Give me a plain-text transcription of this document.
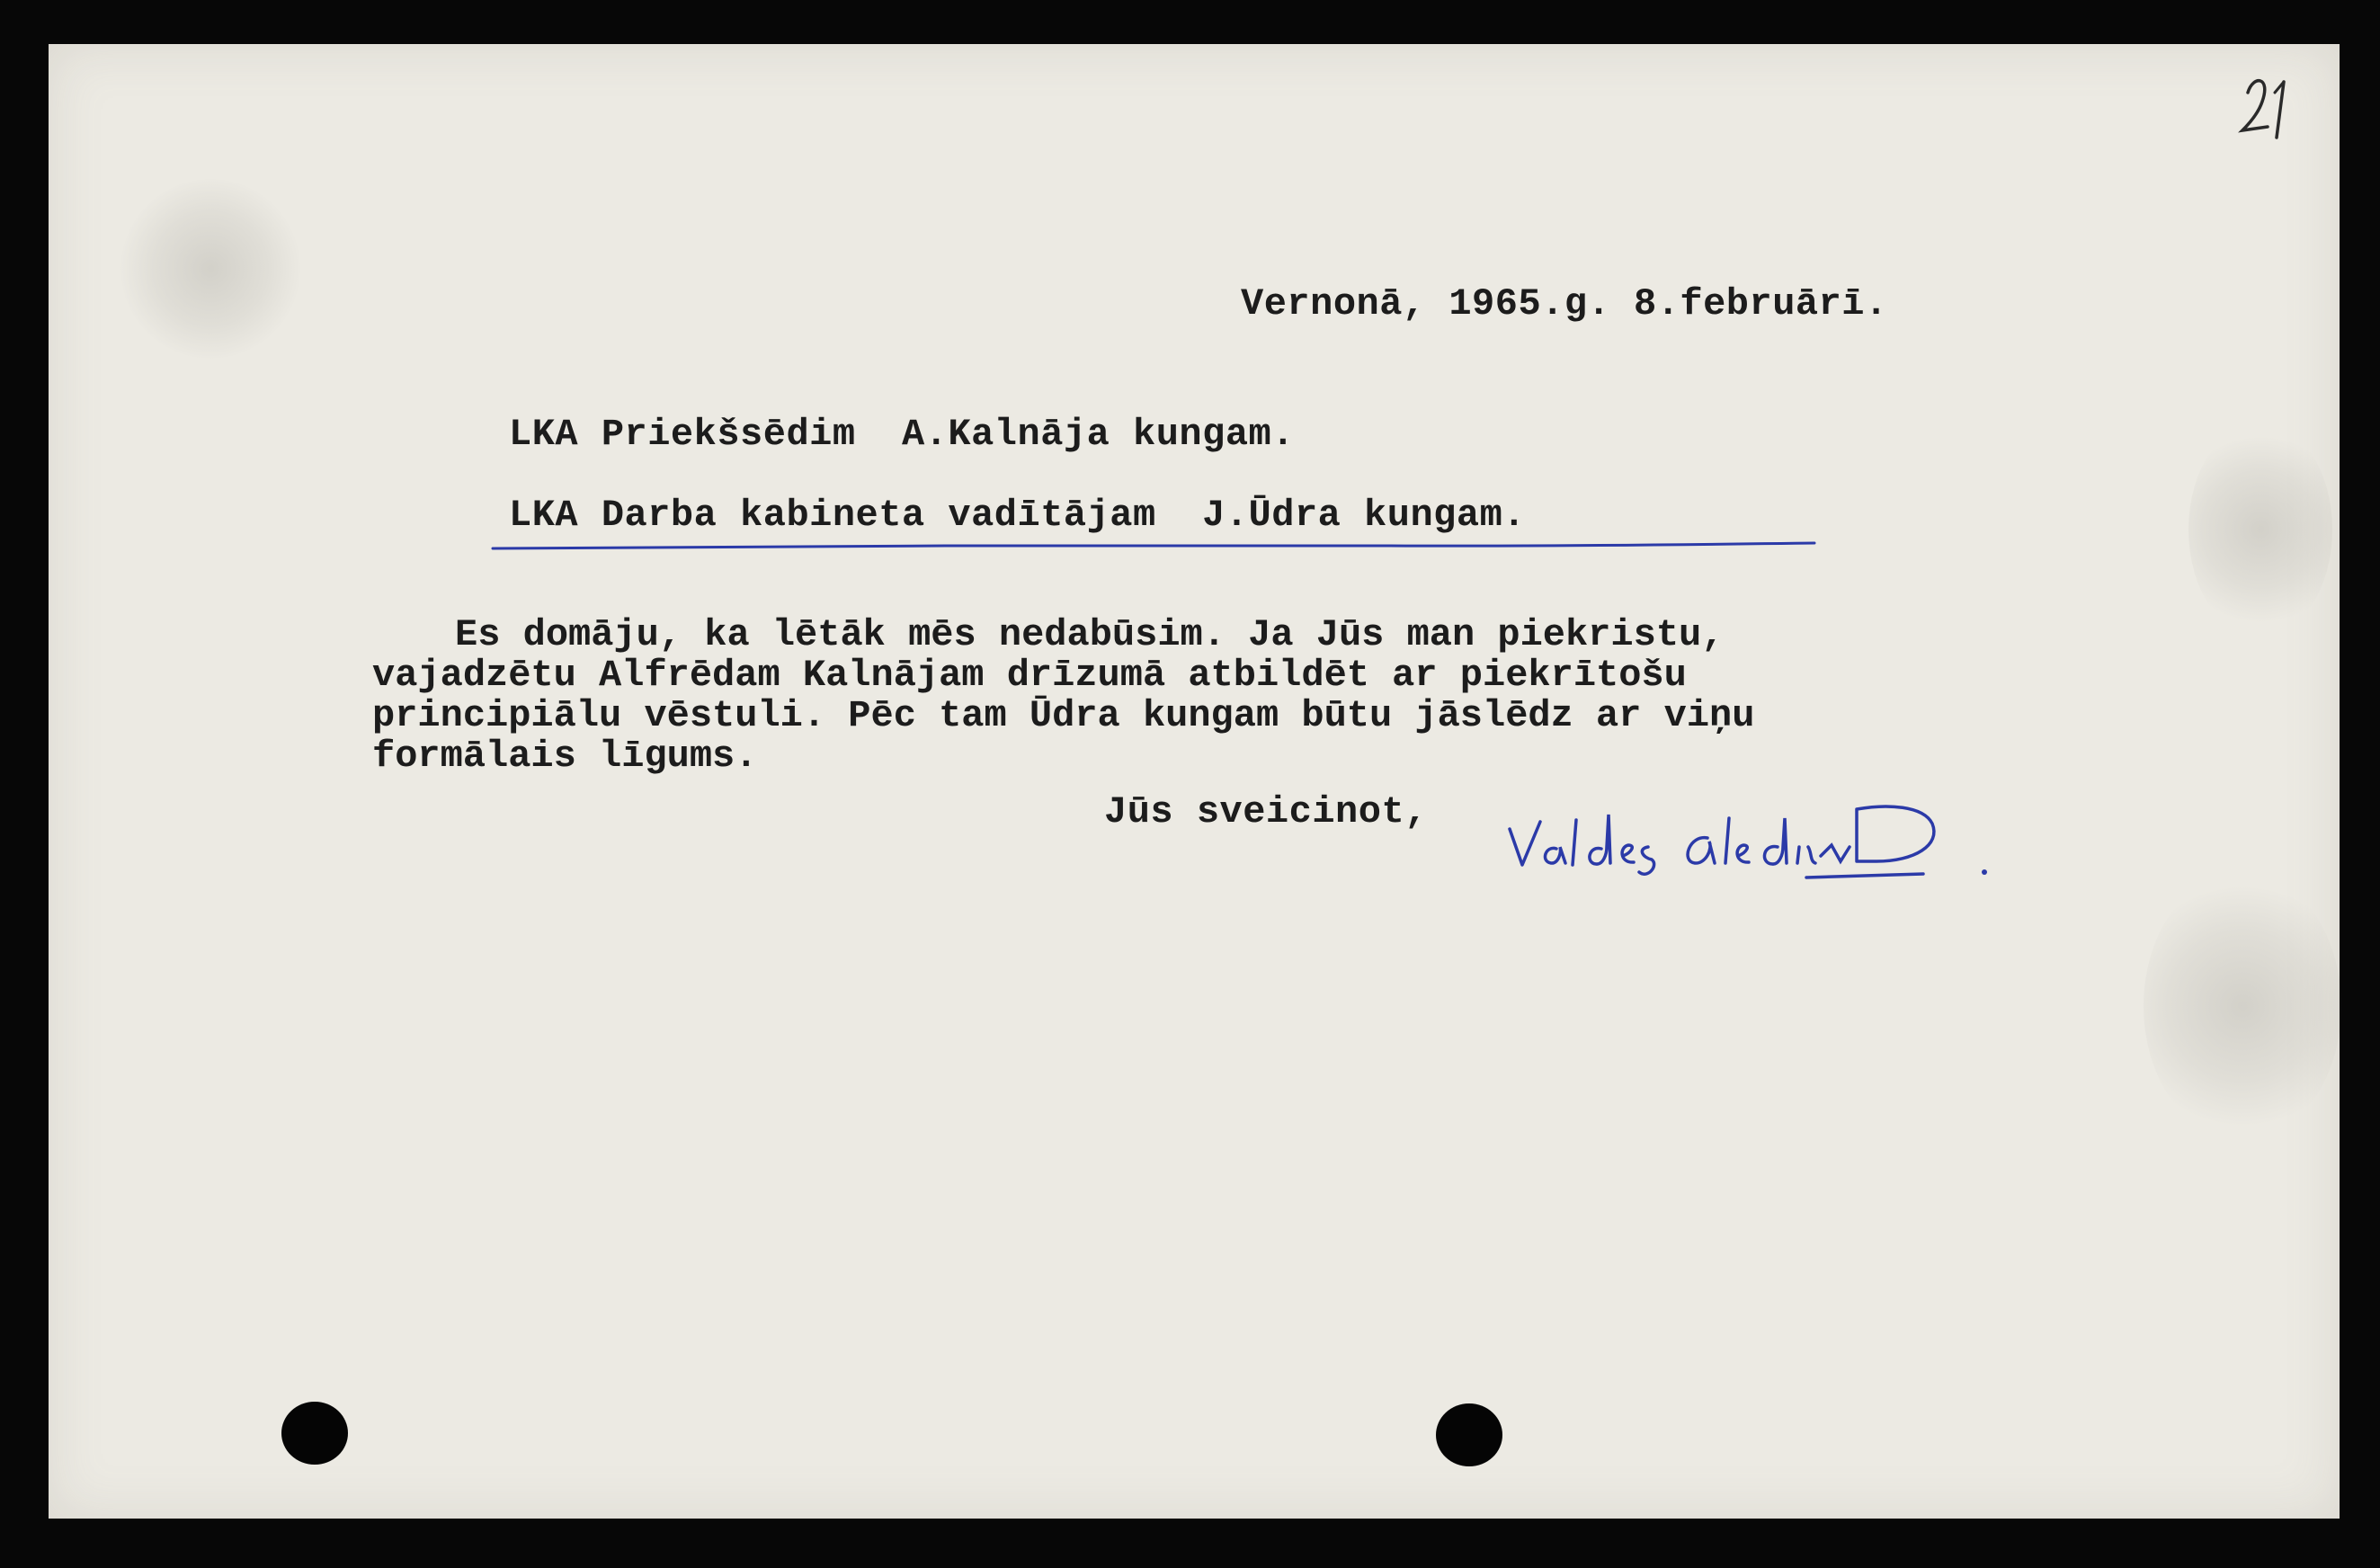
Vernonā, 1965.g. 8.februārī.
LKA Priekšsēdim  A.Kalnāja kungam.
LKA Darba kabineta vadītājam  J.Ūdra kungam.
Es domāju, ka lētāk mēs nedabūsim. Ja Jūs man piekristu,
vajadzētu Alfrēdam Kalnājam drīzumā atbildēt ar piekrītošu
principiālu vēstuli. Pēc tam Ūdra kungam būtu jāslēdz ar viņu
formālais līgums.
Jūs sveicinot,
